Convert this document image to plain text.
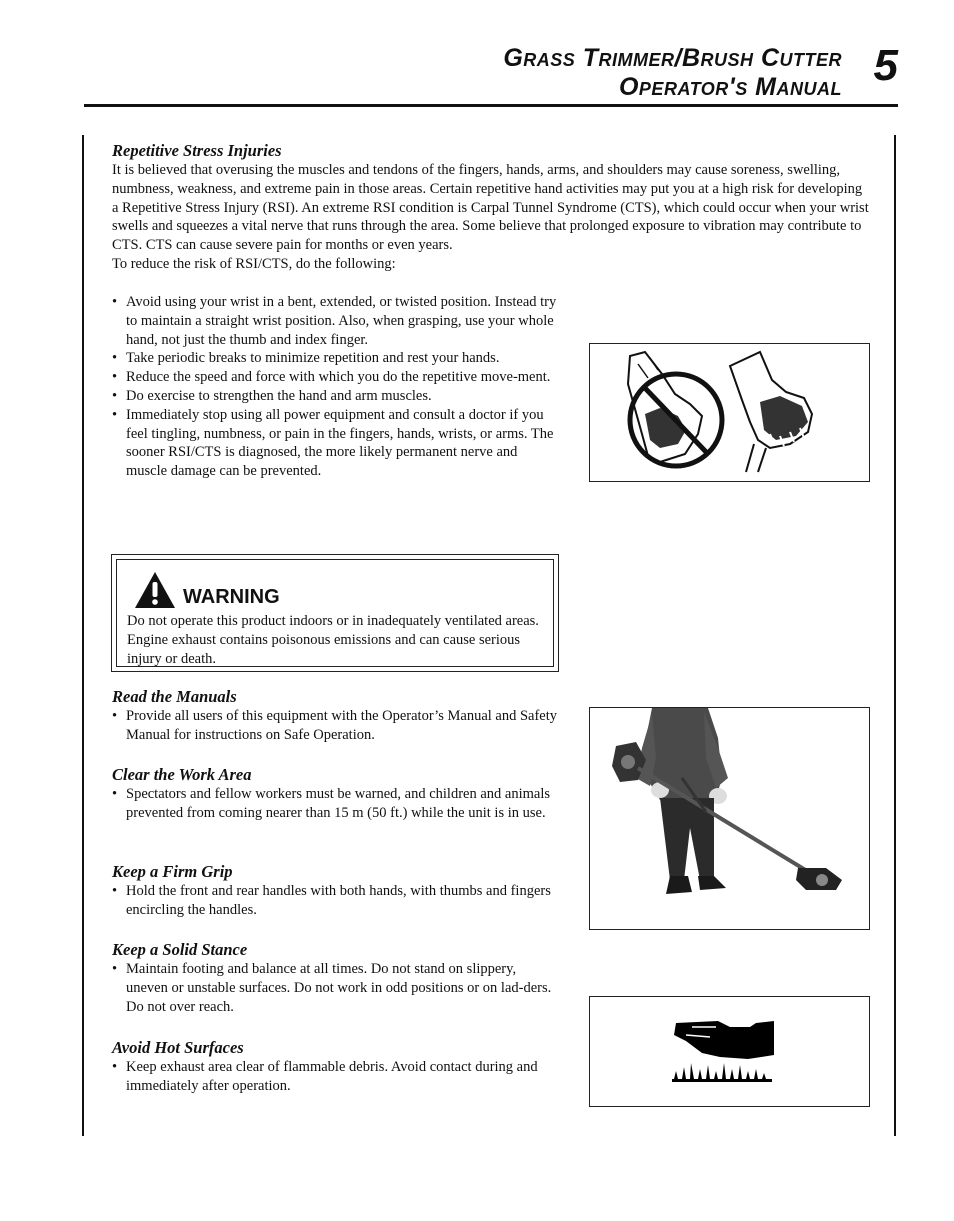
Grass Trimmer/Brush Cutter
Operator's Manual 5
Repetitive Stress Injuries

It is believed that overusing the muscles and tendons of the fingers, hands, arms, and shoulders may cause soreness, swelling, numbness, weakness, and extreme pain in those areas. Certain repetitive hand activities may put you at a high risk for developing a Repetitive Stress Injury (RSI). An extreme RSI condition is Carpal Tunnel Syndrome (CTS), which could occur when your wrist swells and squeezes a vital nerve that runs through the area. Some believe that prolonged exposure to vibration may contribute to CTS. CTS can cause severe pain for months or even years.

To reduce the risk of RSI/CTS, do the following:

• Avoid using your wrist in a bent, extended, or twisted position. Instead try to maintain a straight wrist position. Also, when grasping, use your whole hand, not just the thumb and index finger.
• Take periodic breaks to minimize repetition and rest your hands.
• Reduce the speed and force with which you do the repetitive move-ment.
• Do exercise to strengthen the hand and arm muscles.
• Immediately stop using all power equipment and consult a doctor if you feel tingling, numbness, or pain in the fingers, hands, wrists, or arms. The sooner RSI/CTS is diagnosed, the more likely permanent nerve and muscle damage can be prevented.
WARNING
Do not operate this product indoors or in inadequately ventilated areas. Engine exhaust contains poisonous emissions and can cause serious injury or death.
Read the Manuals
• Provide all users of this equipment with the Operator’s Manual and Safety Manual for instructions on Safe Operation.
Clear the Work Area
• Spectators and fellow workers must be warned, and children and animals prevented from coming nearer than 15 m (50 ft.) while the unit is in use.
Keep a Firm Grip
• Hold the front and rear handles with both hands, with thumbs and fingers encircling the handles.
Keep a Solid Stance
• Maintain footing and balance at all times. Do not stand on slippery, uneven or unstable surfaces. Do not work in odd positions or on lad-ders. Do not over reach.
Avoid Hot Surfaces
• Keep exhaust area clear of flammable debris. Avoid contact during and immediately after operation.
